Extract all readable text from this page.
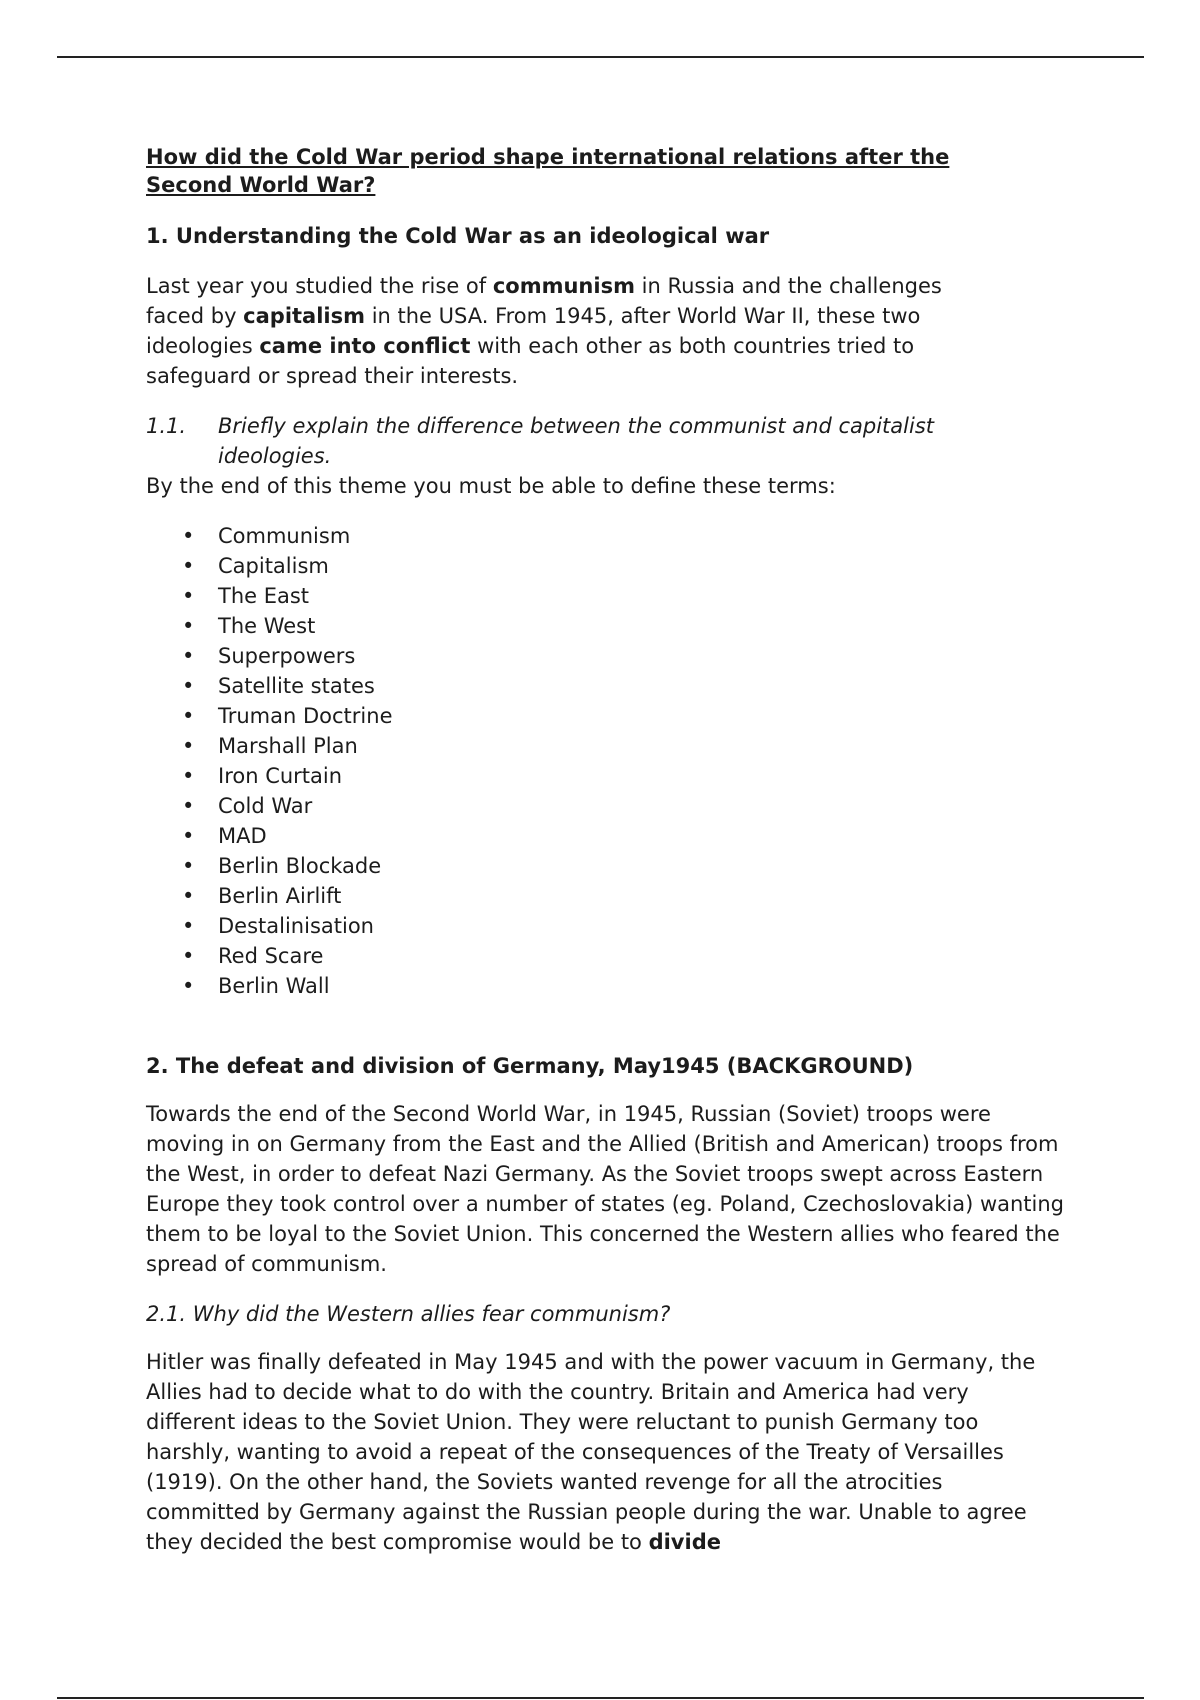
How did the Cold War period shape international relations after the
Second World War?
1. Understanding the Cold War as an ideological war

Last year you studied the rise of communism in Russia and the challenges faced by capitalism in the USA. From 1945, after World War II, these two ideologies came into conflict with each other as both countries tried to safeguard or spread their interests.

1.1.	Briefly explain the difference between the communist and capitalist ideologies.

By the end of this theme you must be able to define these terms:

• Communism
• Capitalism
• The East
• The West
• Superpowers
• Satellite states
• Truman Doctrine
• Marshall Plan
• Iron Curtain
• Cold War
• MAD
• Berlin Blockade
• Berlin Airlift
• Destalinisation
• Red Scare
• Berlin Wall
2. The defeat and division of Germany, May1945 (BACKGROUND)

Towards the end of the Second World War, in 1945, Russian (Soviet) troops were moving in on Germany from the East and the Allied (British and American) troops from the West, in order to defeat Nazi Germany. As the Soviet troops swept across Eastern Europe they took control over a number of states (eg. Poland, Czechoslovakia) wanting them to be loyal to the Soviet Union. This concerned the Western allies who feared the spread of communism.

2.1. Why did the Western allies fear communism?

Hitler was finally defeated in May 1945 and with the power vacuum in Germany, the Allies had to decide what to do with the country. Britain and America had very different ideas to the Soviet Union. They were reluctant to punish Germany too harshly, wanting to avoid a repeat of the consequences of the Treaty of Versailles (1919). On the other hand, the Soviets wanted revenge for all the atrocities committed by Germany against the Russian people during the war. Unable to agree they decided the best compromise would be to divide
